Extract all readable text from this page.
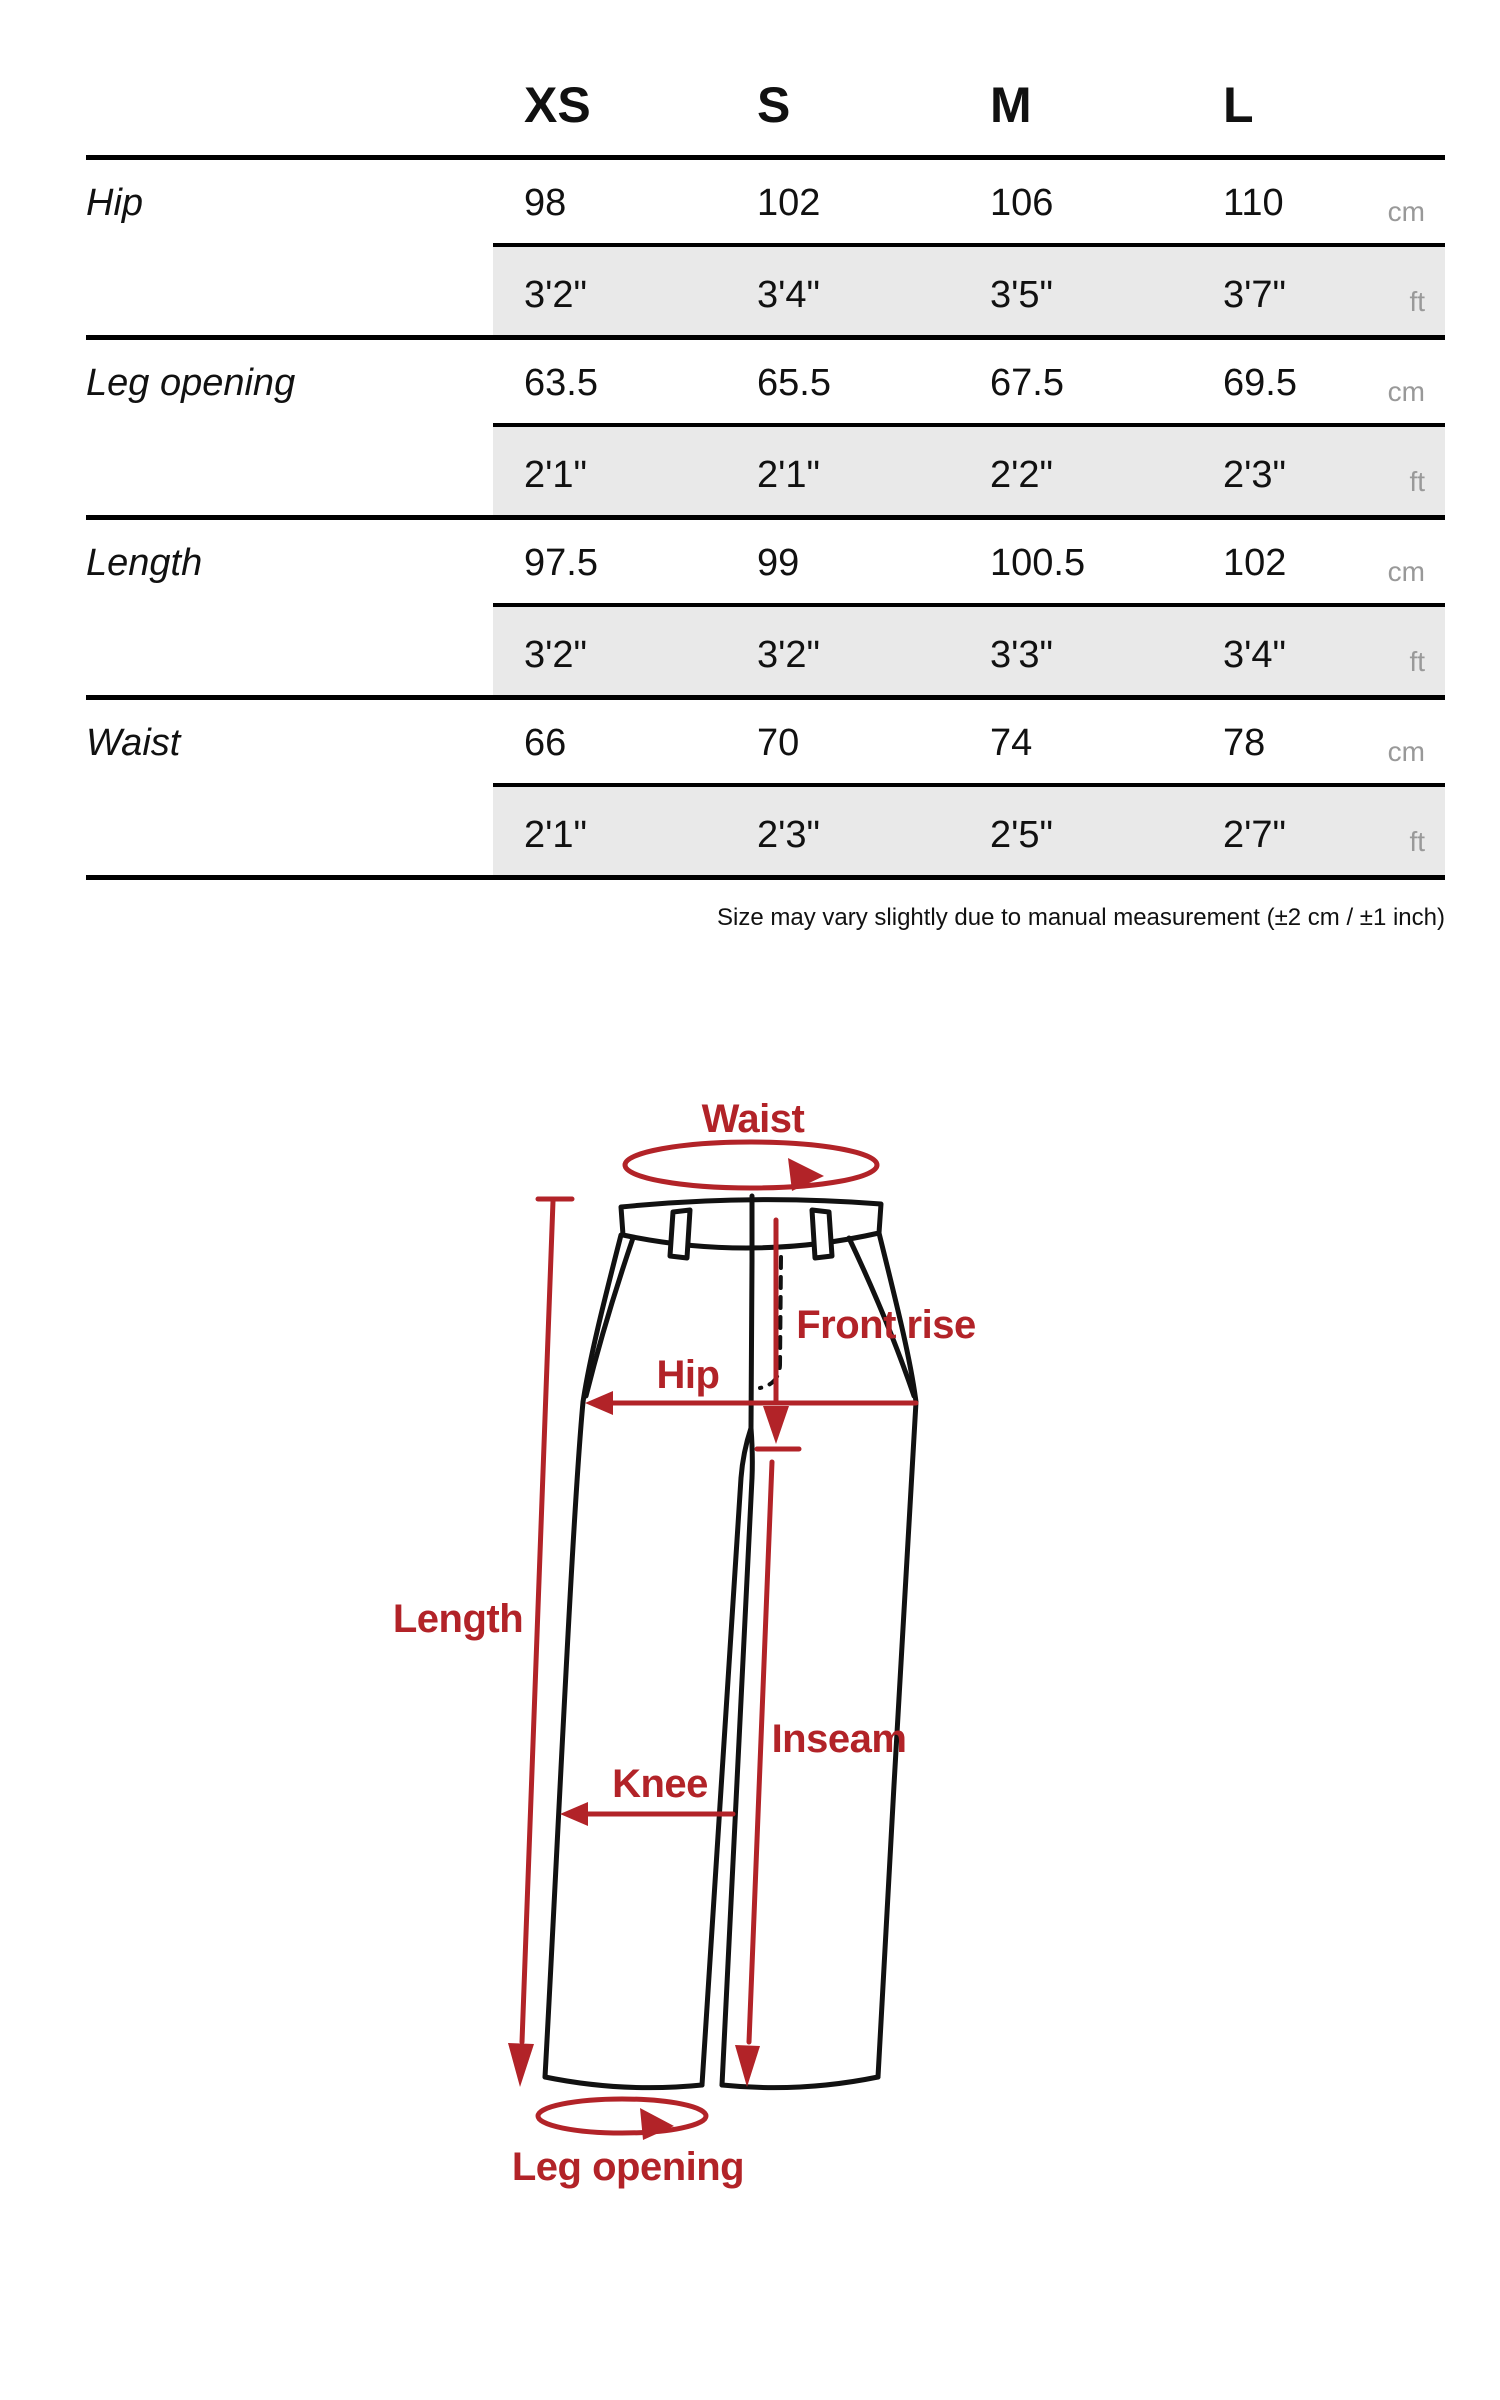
XS	S	M	L
Hip	98	102	106	110	cm
3'2"	3'4"	3'5"	3'7"	ft
Leg opening	63.5	65.5	67.5	69.5	cm
2'1"	2'1"	2'2"	2'3"	ft
Length	97.5	99	100.5	102	cm
3'2"	3'2"	3'3"	3'4"	ft
Waist	66	70	74	78	cm
2'1"	2'3"	2'5"	2'7"	ft
Size may vary slightly due to manual measurement (±2 cm / ±1 inch)
Waist
Front rise
Hip
Length
Inseam
Knee
Leg opening
